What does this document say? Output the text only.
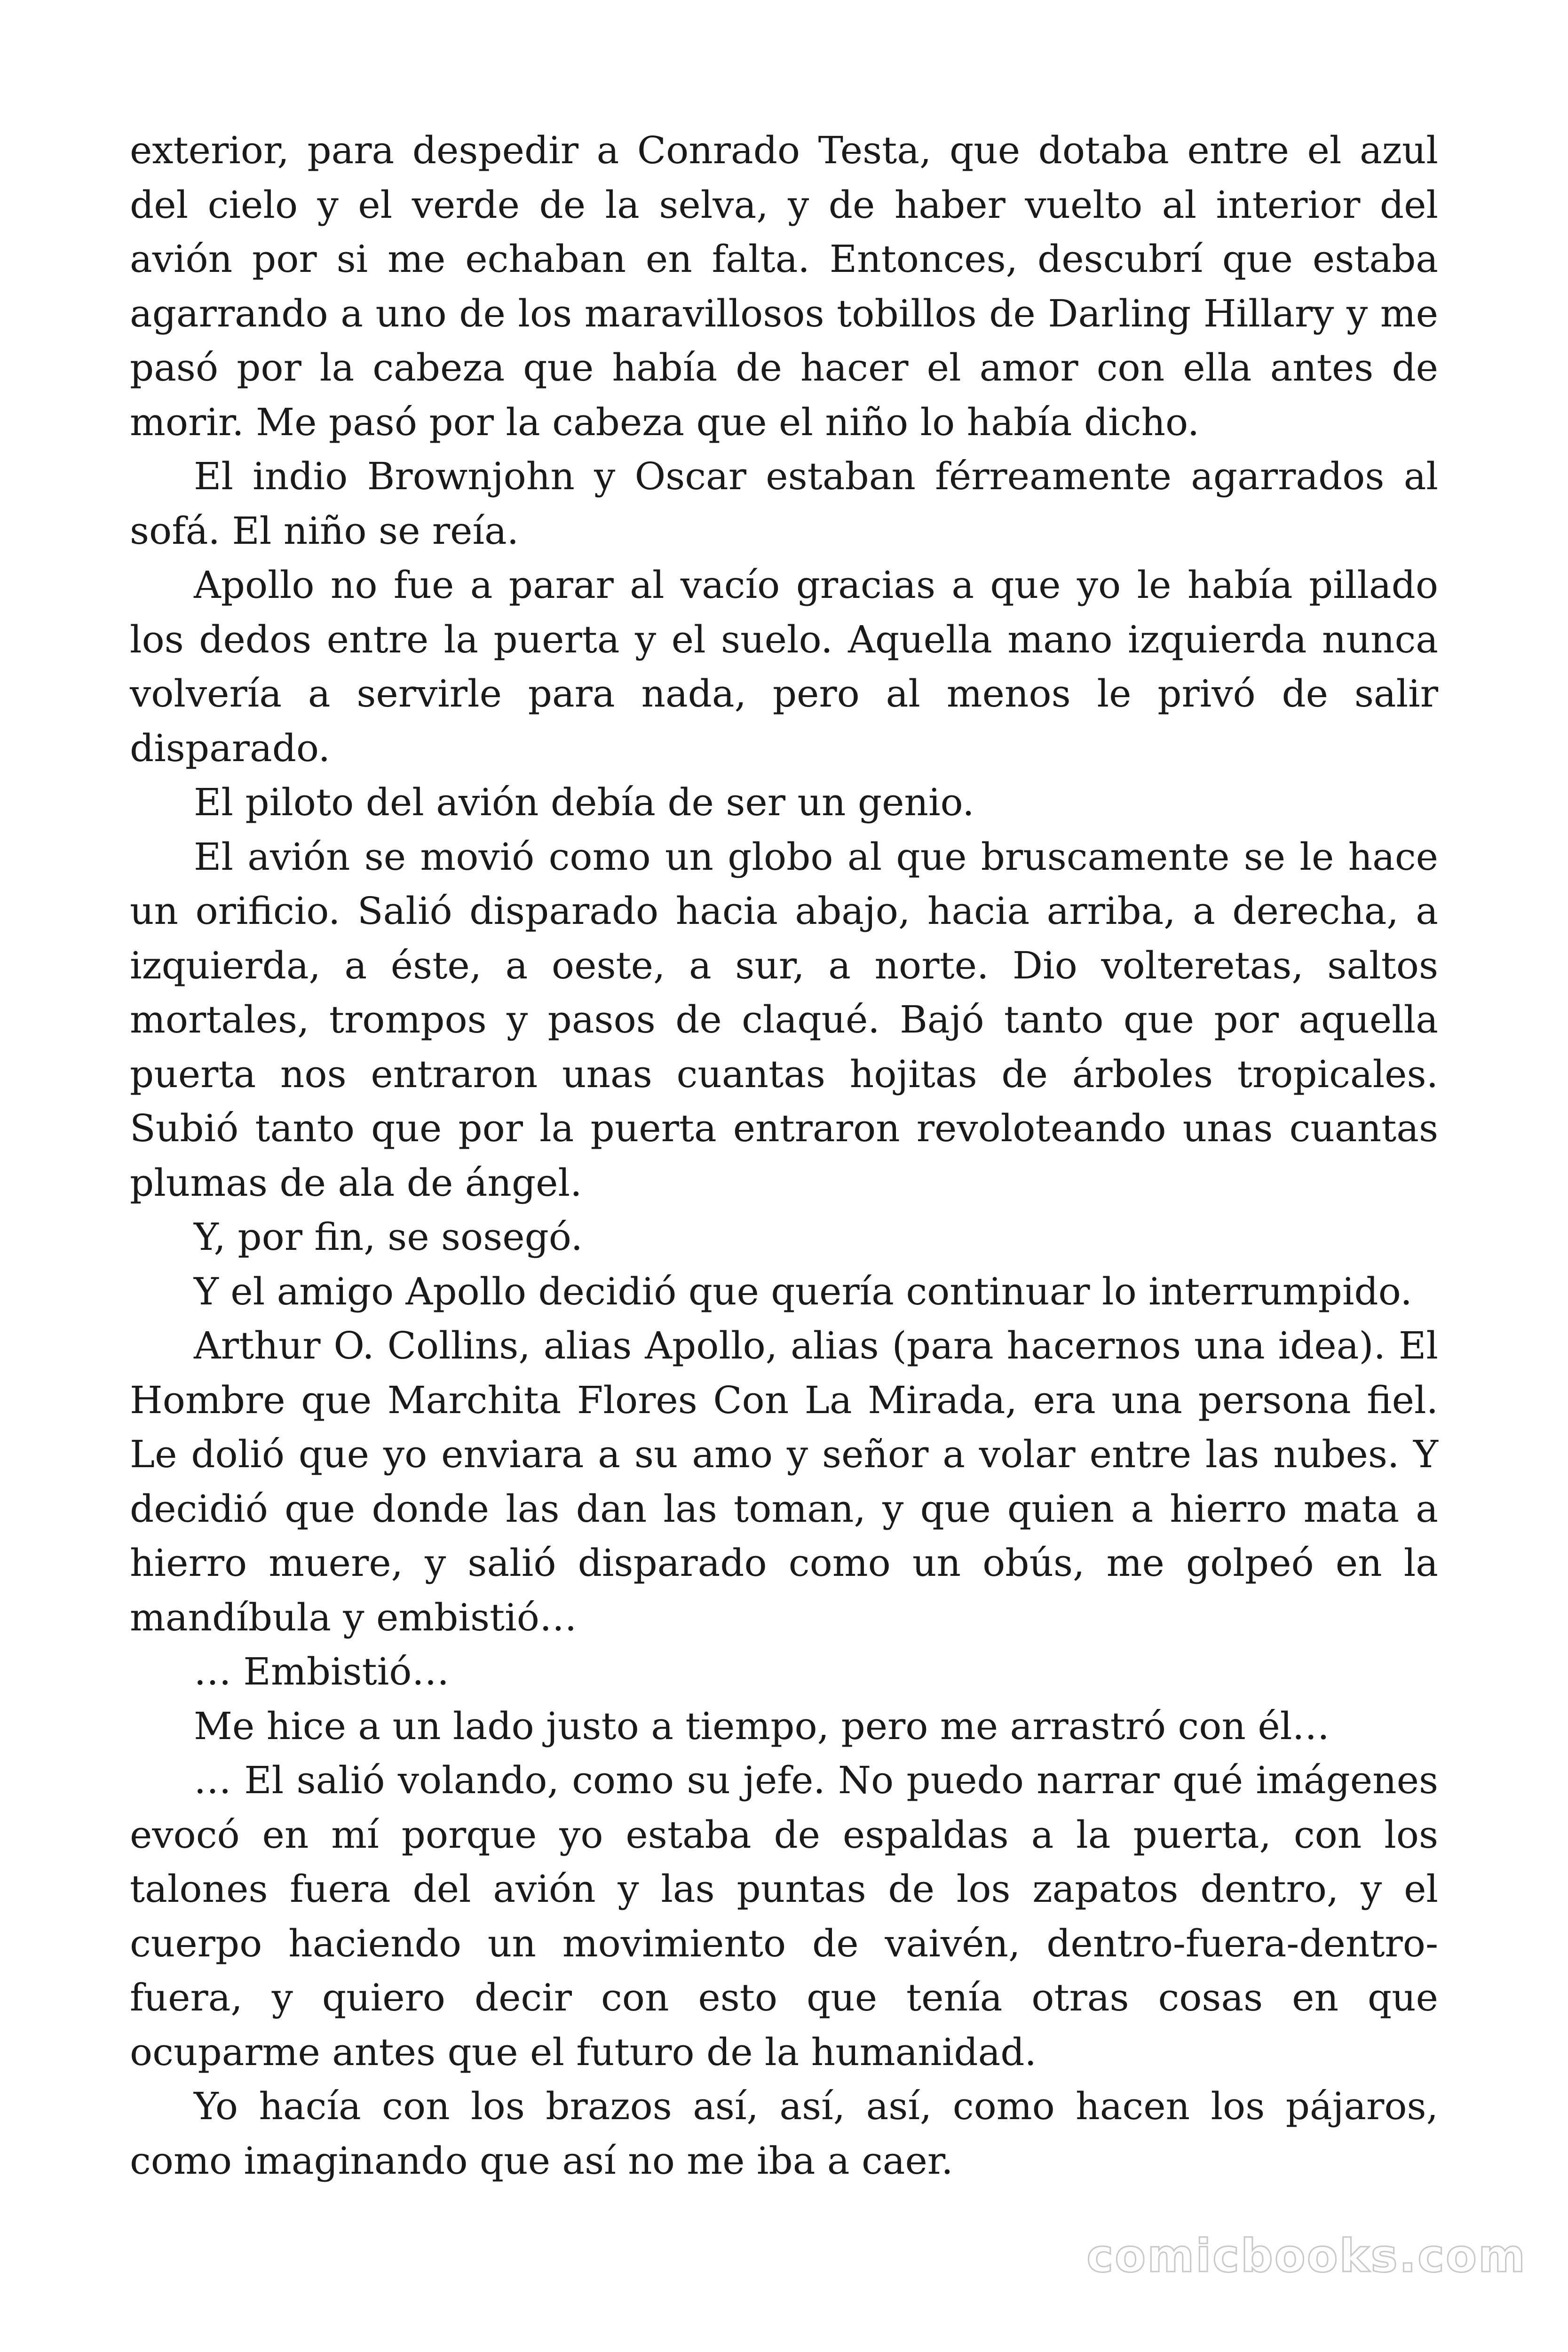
exterior, para despedir a Conrado Testa, que dotaba entre el azul del cielo y el verde de la selva, y de haber vuelto al interior del avión por si me echaban en falta. Entonces, descubrí que estaba agarrando a uno de los maravillosos tobillos de Darling Hillary y me pasó por la cabeza que había de hacer el amor con ella antes de morir. Me pasó por la cabeza que el niño lo había dicho.

El indio Brownjohn y Oscar estaban férreamente agarrados al sofá. El niño se reía.

Apollo no fue a parar al vacío gracias a que yo le había pillado los dedos entre la puerta y el suelo. Aquella mano izquierda nunca volvería a servirle para nada, pero al menos le privó de salir disparado.

El piloto del avión debía de ser un genio.

El avión se movió como un globo al que bruscamente se le hace un orificio. Salió disparado hacia abajo, hacia arriba, a derecha, a izquierda, a éste, a oeste, a sur, a norte. Dio volteretas, saltos mortales, trompos y pasos de claqué. Bajó tanto que por aquella puerta nos entraron unas cuantas hojitas de árboles tropicales. Subió tanto que por la puerta entraron revoloteando unas cuantas plumas de ala de ángel.

Y, por fin, se sosegó.

Y el amigo Apollo decidió que quería continuar lo interrumpido.

Arthur O. Collins, alias Apollo, alias (para hacernos una idea). El Hombre que Marchita Flores Con La Mirada, era una persona fiel. Le dolió que yo enviara a su amo y señor a volar entre las nubes. Y decidió que donde las dan las toman, y que quien a hierro mata a hierro muere, y salió disparado como un obús, me golpeó en la mandíbula y embistió…

… Embistió…

Me hice a un lado justo a tiempo, pero me arrastró con él…

… El salió volando, como su jefe. No puedo narrar qué imágenes evocó en mí porque yo estaba de espaldas a la puerta, con los talones fuera del avión y las puntas de los zapatos dentro, y el cuerpo haciendo un movimiento de vaivén, dentro-fuera-dentro-fuera, y quiero decir con esto que tenía otras cosas en que ocuparme antes que el futuro de la humanidad.

Yo hacía con los brazos así, así, así, como hacen los pájaros, como imaginando que así no me iba a caer.

comicbooks.com
